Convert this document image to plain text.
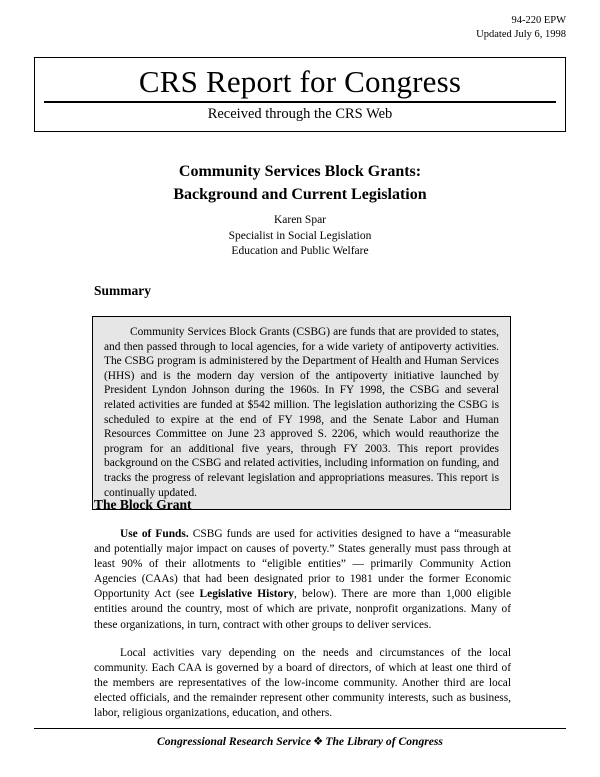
94-220 EPW
Updated July 6, 1998
CRS Report for Congress
Received through the CRS Web
Community Services Block Grants:
Background and Current Legislation
Karen Spar
Specialist in Social Legislation
Education and Public Welfare
Summary

Community Services Block Grants (CSBG) are funds that are provided to states, and then passed through to local agencies, for a wide variety of antipoverty activities. The CSBG program is administered by the Department of Health and Human Services (HHS) and is the modern day version of the antipoverty initiative launched by President Lyndon Johnson during the 1960s. In FY 1998, the CSBG and several related activities are funded at $542 million. The legislation authorizing the CSBG is scheduled to expire at the end of FY 1998, and the Senate Labor and Human Resources Committee on June 23 approved S. 2206, which would reauthorize the program for an additional five years, through FY 2003. This report provides background on the CSBG and related activities, including information on funding, and tracks the progress of relevant legislation and appropriations measures. This report is continually updated.

The Block Grant

Use of Funds. CSBG funds are used for activities designed to have a “measurable and potentially major impact on causes of poverty.” States generally must pass through at least 90% of their allotments to “eligible entities” — primarily Community Action Agencies (CAAs) that had been designated prior to 1981 under the former Economic Opportunity Act (see Legislative History, below). There are more than 1,000 eligible entities around the country, most of which are private, nonprofit organizations. Many of these organizations, in turn, contract with other groups to deliver services.

Local activities vary depending on the needs and circumstances of the local community. Each CAA is governed by a board of directors, of which at least one third of the members are representatives of the low-income community. Another third are local elected officials, and the remainder represent other community interests, such as business, labor, religious organizations, education, and others.

Congressional Research Service ❖ The Library of Congress
